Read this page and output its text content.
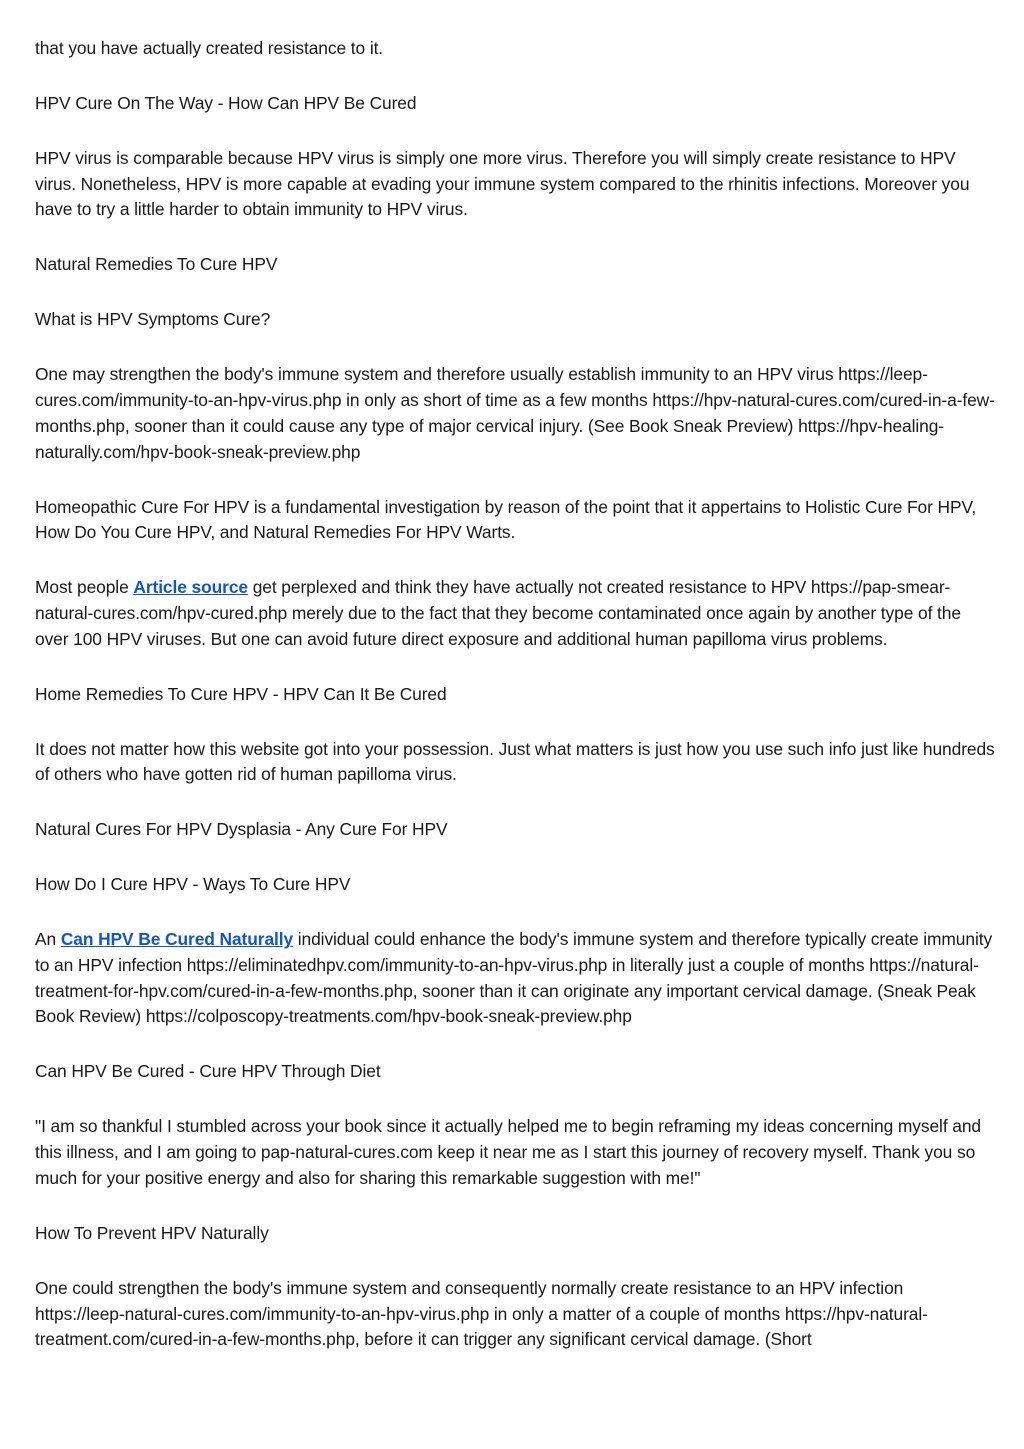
that you have actually created resistance to it.

HPV Cure On The Way - How Can HPV Be Cured

HPV virus is comparable because HPV virus is simply one more virus. Therefore you will simply create resistance to HPV virus. Nonetheless, HPV is more capable at evading your immune system compared to the rhinitis infections. Moreover you have to try a little harder to obtain immunity to HPV virus.

Natural Remedies To Cure HPV

What is HPV Symptoms Cure?

One may strengthen the body's immune system and therefore usually establish immunity to an HPV virus https://leep-cures.com/immunity-to-an-hpv-virus.php in only as short of time as a few months https://hpv-natural-cures.com/cured-in-a-few-months.php, sooner than it could cause any type of major cervical injury. (See Book Sneak Preview) https://hpv-healing-naturally.com/hpv-book-sneak-preview.php

Homeopathic Cure For HPV is a fundamental investigation by reason of the point that it appertains to Holistic Cure For HPV, How Do You Cure HPV, and Natural Remedies For HPV Warts.

Most people Article source get perplexed and think they have actually not created resistance to HPV https://pap-smear-natural-cures.com/hpv-cured.php merely due to the fact that they become contaminated once again by another type of the over 100 HPV viruses. But one can avoid future direct exposure and additional human papilloma virus problems.

Home Remedies To Cure HPV - HPV Can It Be Cured

It does not matter how this website got into your possession. Just what matters is just how you use such info just like hundreds of others who have gotten rid of human papilloma virus.

Natural Cures For HPV Dysplasia - Any Cure For HPV

How Do I Cure HPV - Ways To Cure HPV

An Can HPV Be Cured Naturally individual could enhance the body's immune system and therefore typically create immunity to an HPV infection https://eliminatedhpv.com/immunity-to-an-hpv-virus.php in literally just a couple of months https://natural-treatment-for-hpv.com/cured-in-a-few-months.php, sooner than it can originate any important cervical damage. (Sneak Peak Book Review) https://colposcopy-treatments.com/hpv-book-sneak-preview.php

Can HPV Be Cured - Cure HPV Through Diet

"I am so thankful I stumbled across your book since it actually helped me to begin reframing my ideas concerning myself and this illness, and I am going to pap-natural-cures.com keep it near me as I start this journey of recovery myself. Thank you so much for your positive energy and also for sharing this remarkable suggestion with me!"

How To Prevent HPV Naturally

One could strengthen the body's immune system and consequently normally create resistance to an HPV infection https://leep-natural-cures.com/immunity-to-an-hpv-virus.php in only a matter of a couple of months https://hpv-natural-treatment.com/cured-in-a-few-months.php, before it can trigger any significant cervical damage. (Short
